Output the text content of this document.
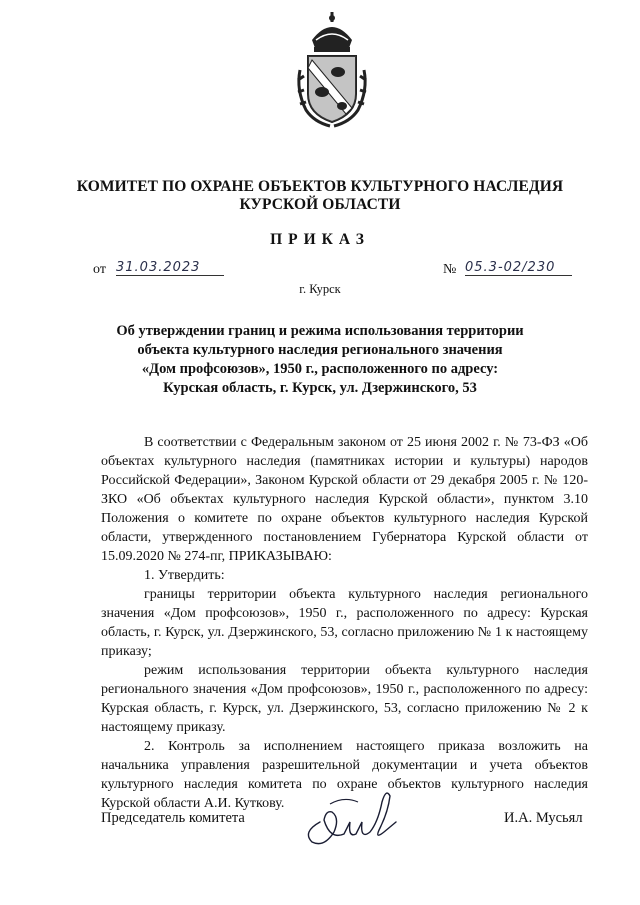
КОМИТЕТ ПО ОХРАНЕ ОБЪЕКТОВ КУЛЬТУРНОГО НАСЛЕДИЯ
КУРСКОЙ ОБЛАСТИ
ПРИКАЗ
от 31.03.2023	№ 05.3-02/230
г. Курск
Об утверждении границ и режима использования территории
объекта культурного наследия регионального значения
«Дом профсоюзов», 1950 г., расположенного по адресу:
Курская область, г. Курск, ул. Дзержинского, 53

В соответствии с Федеральным законом от 25 июня 2002 г. № 73-ФЗ «Об объектах культурного наследия (памятниках истории и культуры) народов Российской Федерации», Законом Курской области от 29 декабря 2005 г. № 120-ЗКО «Об объектах культурного наследия Курской области», пунктом 3.10 Положения о комитете по охране объектов культурного наследия Курской области, утвержденного постановлением Губернатора Курской области от 15.09.2020 № 274-пг, ПРИКАЗЫВАЮ:

1. Утвердить:

границы территории объекта культурного наследия регионального значения «Дом профсоюзов», 1950 г., расположенного по адресу: Курская область, г. Курск, ул. Дзержинского, 53, согласно приложению № 1 к настоящему приказу;

режим использования территории объекта культурного наследия регионального значения «Дом профсоюзов», 1950 г., расположенного по адресу: Курская область, г. Курск, ул. Дзержинского, 53, согласно приложению № 2 к настоящему приказу.

2. Контроль за исполнением настоящего приказа возложить на начальника управления разрешительной документации и учета объектов культурного наследия комитета по охране объектов культурного наследия Курской области А.И. Куткову.

Председатель комитета	И.А. Мусьял
